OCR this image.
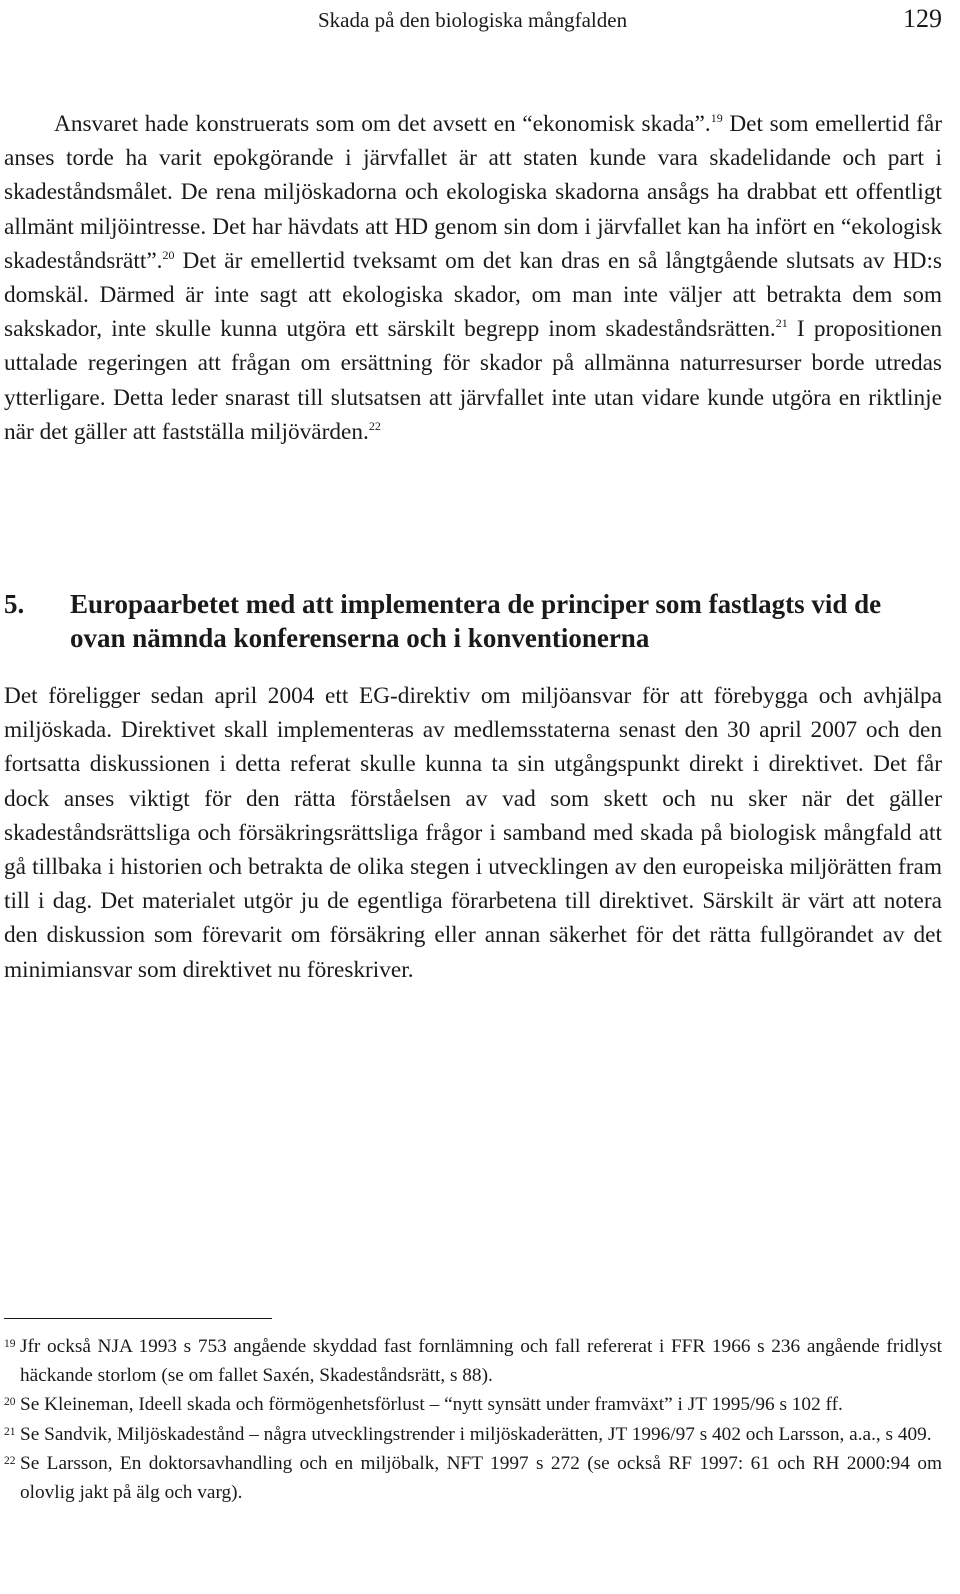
Skada på den biologiska mångfalden	129

Ansvaret hade konstruerats som om det avsett en “ekonomisk skada”.$^{19}$ Det som emellertid får anses torde ha varit epokgörande i järvfallet är att staten kunde vara skadelidande och part i skadeståndsmålet. De rena miljöskadorna och ekologiska skadorna ansågs ha drabbat ett offentligt allmänt miljöintresse. Det har hävdats att HD genom sin dom i järvfallet kan ha infört en “ekologisk skadeståndsrätt”.$^{20}$ Det är emellertid tveksamt om det kan dras en så långtgående slutsats av HD:s domskäl. Därmed är inte sagt att ekologiska skador, om man inte väljer att betrakta dem som sakskador, inte skulle kunna utgöra ett särskilt begrepp inom skadeståndsrätten.$^{21}$ I propositionen uttalade regeringen att frågan om ersättning för skador på allmänna naturresurser borde utredas ytterligare. Detta leder snarast till slutsatsen att järvfallet inte utan vidare kunde utgöra en riktlinje när det gäller att fastställa miljövärden.$^{22}$

5. Europaarbetet med att implementera de principer som fastlagts vid de ovan nämnda konferenserna och i konventionerna

Det föreligger sedan april 2004 ett EG-direktiv om miljöansvar för att förebygga och avhjälpa miljöskada. Direktivet skall implementeras av medlemsstaterna senast den 30 april 2007 och den fortsatta diskussionen i detta referat skulle kunna ta sin utgångspunkt direkt i direktivet. Det får dock anses viktigt för den rätta förståelsen av vad som skett och nu sker när det gäller skadeståndsrättsliga och försäkringsrättsliga frågor i samband med skada på biologisk mångfald att gå tillbaka i historien och betrakta de olika stegen i utvecklingen av den europeiska miljörätten fram till i dag. Det materialet utgör ju de egentliga förarbetena till direktivet. Särskilt är värt att notera den diskussion som förevarit om försäkring eller annan säkerhet för det rätta fullgörandet av det minimiansvar som direktivet nu föreskriver.

19 Jfr också NJA 1993 s 753 angående skyddad fast fornlämning och fall refererat i FFR 1966 s 236 angående fridlyst häckande storlom (se om fallet Saxén, Skadeståndsrätt, s 88).
20 Se Kleineman, Ideell skada och förmögenhetsförlust – “nytt synsätt under framväxt” i JT 1995/96 s 102 ff.
21 Se Sandvik, Miljöskadestånd – några utvecklingstrender i miljöskaderätten, JT 1996/97 s 402 och Larsson, a.a., s 409.
22 Se Larsson, En doktorsavhandling och en miljöbalk, NFT 1997 s 272 (se också RF 1997: 61 och RH 2000:94 om olovlig jakt på älg och varg).
